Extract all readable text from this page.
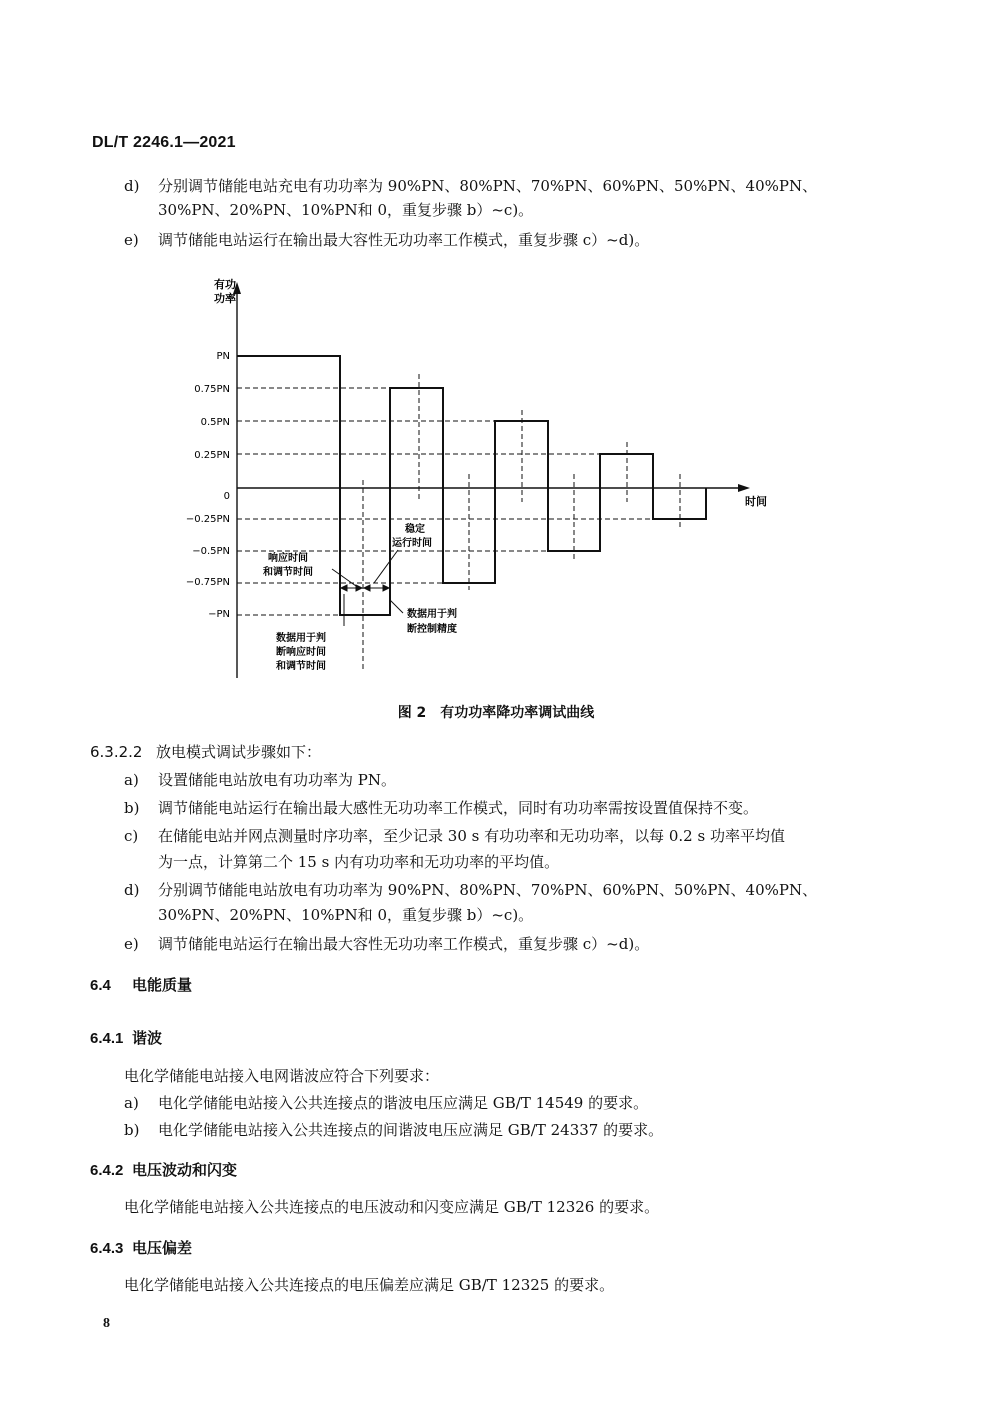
DL/T 2246.1—2021
d) 分别调节储能电站充电有功功率为 90%PN、80%PN、70%PN、60%PN、50%PN、40%PN、
30%PN、20%PN、10%PN和 0，重复步骤 b）~c)。
e) 调节储能电站运行在输出最大容性无功功率工作模式，重复步骤 c）~d)。
有功
功率
时间
PN
0.75PN
0.5PN
0.25PN
0
−0.25PN
−0.5PN
−0.75PN
−PN
响应时间
和调节时间
稳定
运行时间
数据用于判
断控制精度
数据用于判
断响应时间
和调节时间
图 2　有功功率降功率调试曲线
6.3.2.2 放电模式调试步骤如下：
a) 设置储能电站放电有功功率为 PN。
b) 调节储能电站运行在输出最大感性无功功率工作模式，同时有功功率需按设置值保持不变。
c) 在储能电站并网点测量时序功率，至少记录 30 s 有功功率和无功功率，以每 0.2 s 功率平均值
为一点，计算第二个 15 s 内有功功率和无功功率的平均值。
d) 分别调节储能电站放电有功功率为 90%PN、80%PN、70%PN、60%PN、50%PN、40%PN、
30%PN、20%PN、10%PN和 0，重复步骤 b）~c)。
e) 调节储能电站运行在输出最大容性无功功率工作模式，重复步骤 c）~d)。
6.4 电能质量
6.4.1 谐波
电化学储能电站接入电网谐波应符合下列要求：
a) 电化学储能电站接入公共连接点的谐波电压应满足 GB/T 14549 的要求。
b) 电化学储能电站接入公共连接点的间谐波电压应满足 GB/T 24337 的要求。
6.4.2 电压波动和闪变
电化学储能电站接入公共连接点的电压波动和闪变应满足 GB/T 12326 的要求。
6.4.3 电压偏差
电化学储能电站接入公共连接点的电压偏差应满足 GB/T 12325 的要求。
8
